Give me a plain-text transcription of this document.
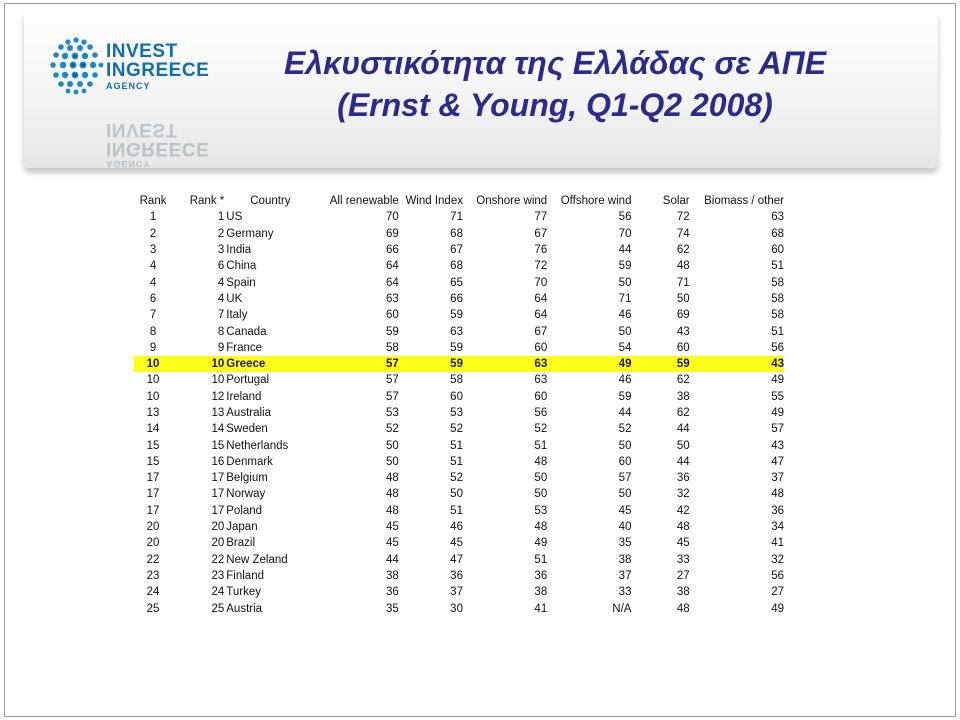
INVEST
INGREECE
AGENCY
AGENCY
INGREECE
INVEST
Ελκυστικότητα της Ελλάδας σε ΑΠΕ
(Ernst & Young, Q1-Q2 2008)
Rank	Rank *	Country	All renewable	Wind Index	Onshore wind	Offshore wind	Solar	Biomass / other
1	1	US	70	71	77	56	72	63
2	2	Germany	69	68	67	70	74	68
3	3	India	66	67	76	44	62	60
4	6	China	64	68	72	59	48	51
4	4	Spain	64	65	70	50	71	58
6	4	UK	63	66	64	71	50	58
7	7	Italy	60	59	64	46	69	58
8	8	Canada	59	63	67	50	43	51
9	9	France	58	59	60	54	60	56
10	10	Greece	57	59	63	49	59	43
10	10	Portugal	57	58	63	46	62	49
10	12	Ireland	57	60	60	59	38	55
13	13	Australia	53	53	56	44	62	49
14	14	Sweden	52	52	52	52	44	57
15	15	Netherlands	50	51	51	50	50	43
15	16	Denmark	50	51	48	60	44	47
17	17	Belgium	48	52	50	57	36	37
17	17	Norway	48	50	50	50	32	48
17	17	Poland	48	51	53	45	42	36
20	20	Japan	45	46	48	40	48	34
20	20	Brazil	45	45	49	35	45	41
22	22	New Zeland	44	47	51	38	33	32
23	23	Finland	38	36	36	37	27	56
24	24	Turkey	36	37	38	33	38	27
25	25	Austria	35	30	41	N/A	48	49
